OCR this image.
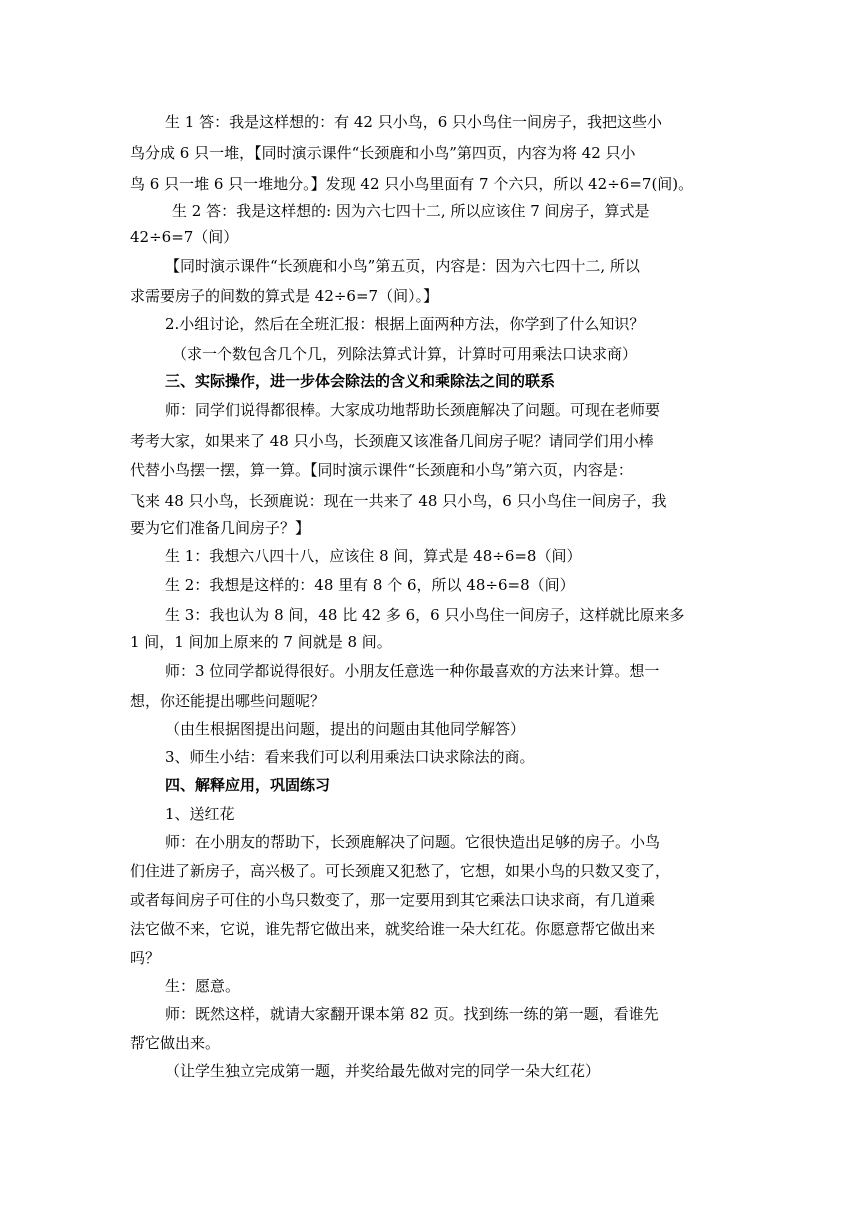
生 1 答：我是这样想的：有 42 只小鸟，6 只小鸟住一间房子，我把这些小
鸟分成 6 只一堆，【同时演示课件“长颈鹿和小鸟”第四页，内容为将 42 只小
鸟 6 只一堆 6 只一堆地分。】发现 42 只小鸟里面有 7 个六只，所以 42÷6=7(间)。
生 2 答：我是这样想的: 因为六七四十二, 所以应该住 7 间房子，算式是
42÷6=7（间）
【同时演示课件“长颈鹿和小鸟”第五页，内容是：因为六七四十二, 所以
求需要房子的间数的算式是 42÷6=7（间）。】
2.小组讨论，然后在全班汇报：根据上面两种方法，你学到了什么知识？
（求一个数包含几个几，列除法算式计算，计算时可用乘法口诀求商）
三、实际操作，进一步体会除法的含义和乘除法之间的联系
师：同学们说得都很棒。大家成功地帮助长颈鹿解决了问题。可现在老师要
考考大家，如果来了 48 只小鸟，长颈鹿又该准备几间房子呢？请同学们用小棒
代替小鸟摆一摆，算一算。【同时演示课件“长颈鹿和小鸟”第六页，内容是：
飞来 48 只小鸟，长颈鹿说：现在一共来了 48 只小鸟，6 只小鸟住一间房子，我
要为它们准备几间房子？】
生 1：我想六八四十八，应该住 8 间，算式是 48÷6=8（间）
生 2：我想是这样的：48 里有 8 个 6，所以 48÷6=8（间）
生 3：我也认为 8 间，48 比 42 多 6，6 只小鸟住一间房子，这样就比原来多
1 间，1 间加上原来的 7 间就是 8 间。
师：3 位同学都说得很好。小朋友任意选一种你最喜欢的方法来计算。想一
想，你还能提出哪些问题呢？
（由生根据图提出问题，提出的问题由其他同学解答）
3、师生小结：看来我们可以利用乘法口诀求除法的商。
四、解释应用，巩固练习
1、送红花
师：在小朋友的帮助下，长颈鹿解决了问题。它很快造出足够的房子。小鸟
们住进了新房子，高兴极了。可长颈鹿又犯愁了，它想，如果小鸟的只数又变了，
或者每间房子可住的小鸟只数变了，那一定要用到其它乘法口诀求商，有几道乘
法它做不来，它说，谁先帮它做出来，就奖给谁一朵大红花。你愿意帮它做出来
吗？
生：愿意。
师：既然这样，就请大家翻开课本第 82 页。找到练一练的第一题，看谁先
帮它做出来。
（让学生独立完成第一题，并奖给最先做对完的同学一朵大红花）
